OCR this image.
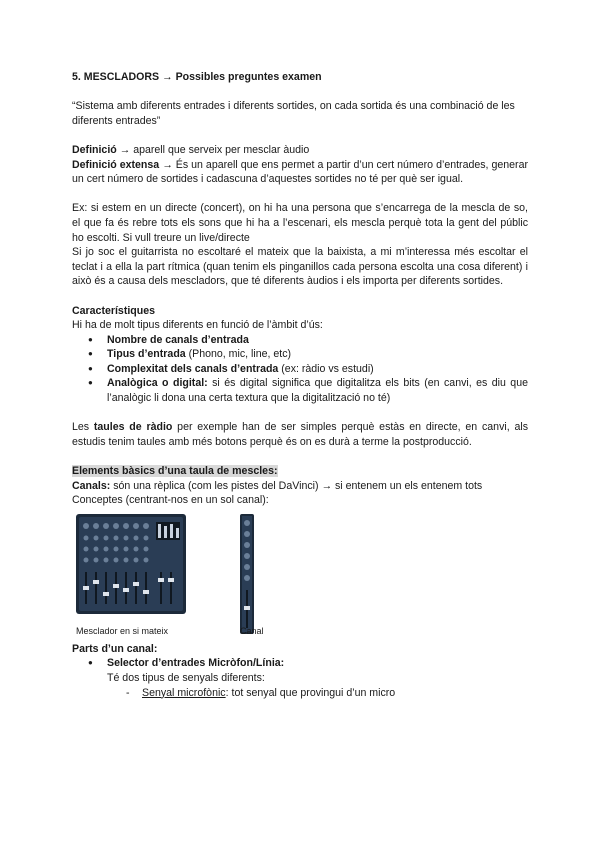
5. MESCLADORS → Possibles preguntes examen

“Sistema amb diferents entrades i diferents sortides, on cada sortida és una combinació de les diferents entrades”

Definició → aparell que serveix per mesclar àudio

Definició extensa → És un aparell que ens permet a partir d’un cert número d’entrades, generar un cert número de sortides i cadascuna d’aquestes sortides no té per què ser igual.

Ex: si estem en un directe (concert), on hi ha una persona que s’encarrega de la mescla de so, el que fa és rebre tots els sons que hi ha a l’escenari, els mescla perquè tota la gent del públic ho escolti. Si vull treure un live/directe

Si jo soc el guitarrista no escoltaré el mateix que la baixista, a mi m’interessa més escoltar el teclat i a ella la part rítmica (quan tenim els pinganillos cada persona escolta una cosa diferent) i això és a causa dels mescladors, que té diferents àudios i els importa per diferents sortides.

Característiques

Hi ha de molt tipus diferents en funció de l’àmbit d’ús:

● Nombre de canals d’entrada
● Tipus d’entrada (Phono, mic, line, etc)
● Complexitat dels canals d’entrada (ex: ràdio vs estudi)
● Analògica o digital: si és digital significa que digitalitza els bits (en canvi, es diu que l’analògic li dona una certa textura que la digitalització no té)

Les taules de ràdio per exemple han de ser simples perquè estàs en directe, en canvi, als estudis tenim taules amb més botons perquè és on es durà a terme la postproducció.

Elements bàsics d’una taula de mescles:

Canals: són una rèplica (com les pistes del DaVinci) → si entenem un els entenem tots Conceptes (centrant-nos en un sol canal):

Mesclador en si mateix	Canal

Parts d’un canal:

● Selector d’entrades Micròfon/Línia:

Té dos tipus de senyals diferents:

- Senyal microfònic: tot senyal que provingui d’un micro
